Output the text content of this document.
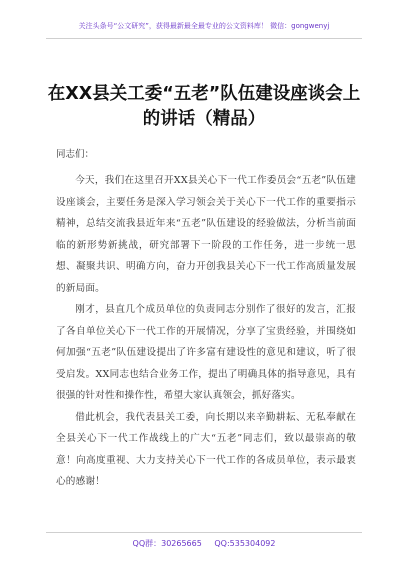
关注头条号“公文研究”，获得最新最全最专业的公文资料库！ 微信：gongwenyj
在XX县关工委“五老”队伍建设座谈会上的讲话（精品）
同志们：

今天，我们在这里召开XX县关心下一代工作委员会“五老”队伍建设座谈会，主要任务是深入学习领会关于关心下一代工作的重要指示精神，总结交流我县近年来“五老”队伍建设的经验做法，分析当前面临的新形势新挑战，研究部署下一阶段的工作任务，进一步统一思想、凝聚共识、明确方向，奋力开创我县关心下一代工作高质量发展的新局面。

刚才，县直几个成员单位的负责同志分别作了很好的发言，汇报了各自单位关心下一代工作的开展情况，分享了宝贵经验，并围绕如何加强“五老”队伍建设提出了许多富有建设性的意见和建议，听了很受启发。XX同志也结合业务工作，提出了明确具体的指导意见，具有很强的针对性和操作性，希望大家认真领会，抓好落实。

借此机会，我代表县关工委，向长期以来辛勤耕耘、无私奉献在全县关心下一代工作战线上的广大“五老”同志们，致以最崇高的敬意！向高度重视、大力支持关心下一代工作的各成员单位，表示最衷心的感谢！

QQ群：30265665 QQ:535304092
